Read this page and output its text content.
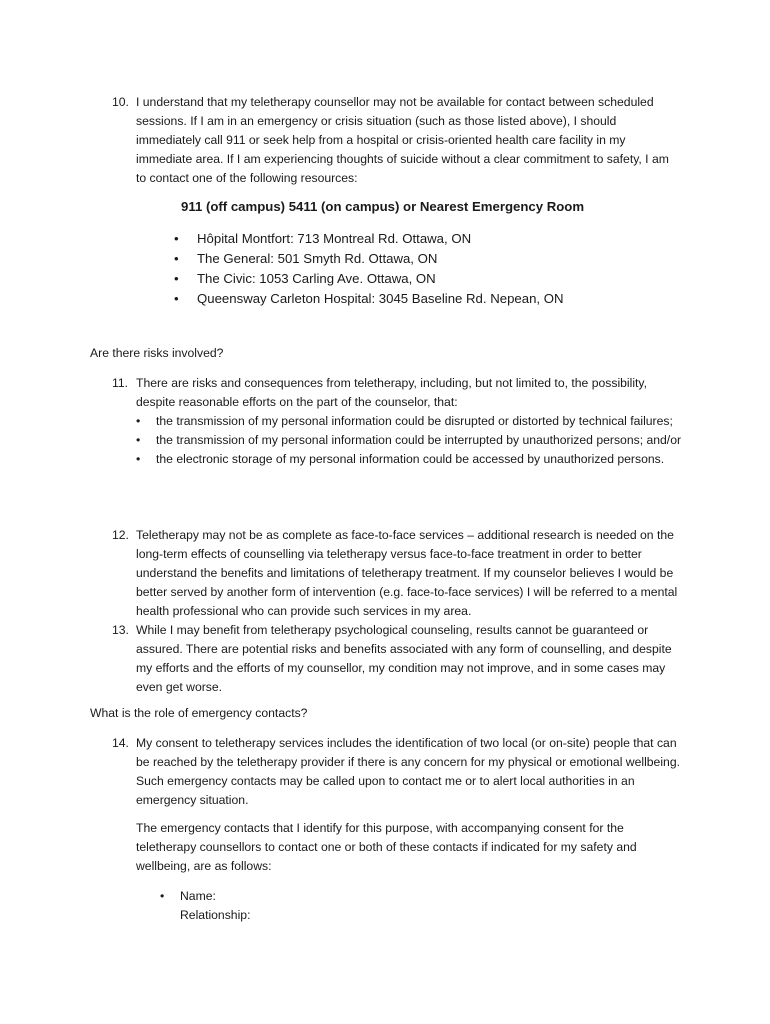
10. I understand that my teletherapy counsellor may not be available for contact between scheduled sessions. If I am in an emergency or crisis situation (such as those listed above), I should immediately call 911 or seek help from a hospital or crisis-oriented health care facility in my immediate area. If I am experiencing thoughts of suicide without a clear commitment to safety, I am to contact one of the following resources:
911 (off campus) 5411 (on campus) or Nearest Emergency Room
• Hôpital Montfort: 713 Montreal Rd. Ottawa, ON
• The General: 501 Smyth Rd. Ottawa, ON
• The Civic: 1053 Carling Ave. Ottawa, ON
• Queensway Carleton Hospital: 3045 Baseline Rd. Nepean, ON
Are there risks involved?
11. There are risks and consequences from teletherapy, including, but not limited to, the possibility, despite reasonable efforts on the part of the counselor, that:
• the transmission of my personal information could be disrupted or distorted by technical failures;
• the transmission of my personal information could be interrupted by unauthorized persons; and/or
• the electronic storage of my personal information could be accessed by unauthorized persons.
12. Teletherapy may not be as complete as face-to-face services – additional research is needed on the long-term effects of counselling via teletherapy versus face-to-face treatment in order to better understand the benefits and limitations of teletherapy treatment. If my counselor believes I would be better served by another form of intervention (e.g. face-to-face services) I will be referred to a mental health professional who can provide such services in my area.
13. While I may benefit from teletherapy psychological counseling, results cannot be guaranteed or assured. There are potential risks and benefits associated with any form of counselling, and despite my efforts and the efforts of my counsellor, my condition may not improve, and in some cases may even get worse.
What is the role of emergency contacts?
14. My consent to teletherapy services includes the identification of two local (or on-site) people that can be reached by the teletherapy provider if there is any concern for my physical or emotional wellbeing. Such emergency contacts may be called upon to contact me or to alert local authorities in an emergency situation.
The emergency contacts that I identify for this purpose, with accompanying consent for the teletherapy counsellors to contact one or both of these contacts if indicated for my safety and wellbeing, are as follows:
• Name:
Relationship:
